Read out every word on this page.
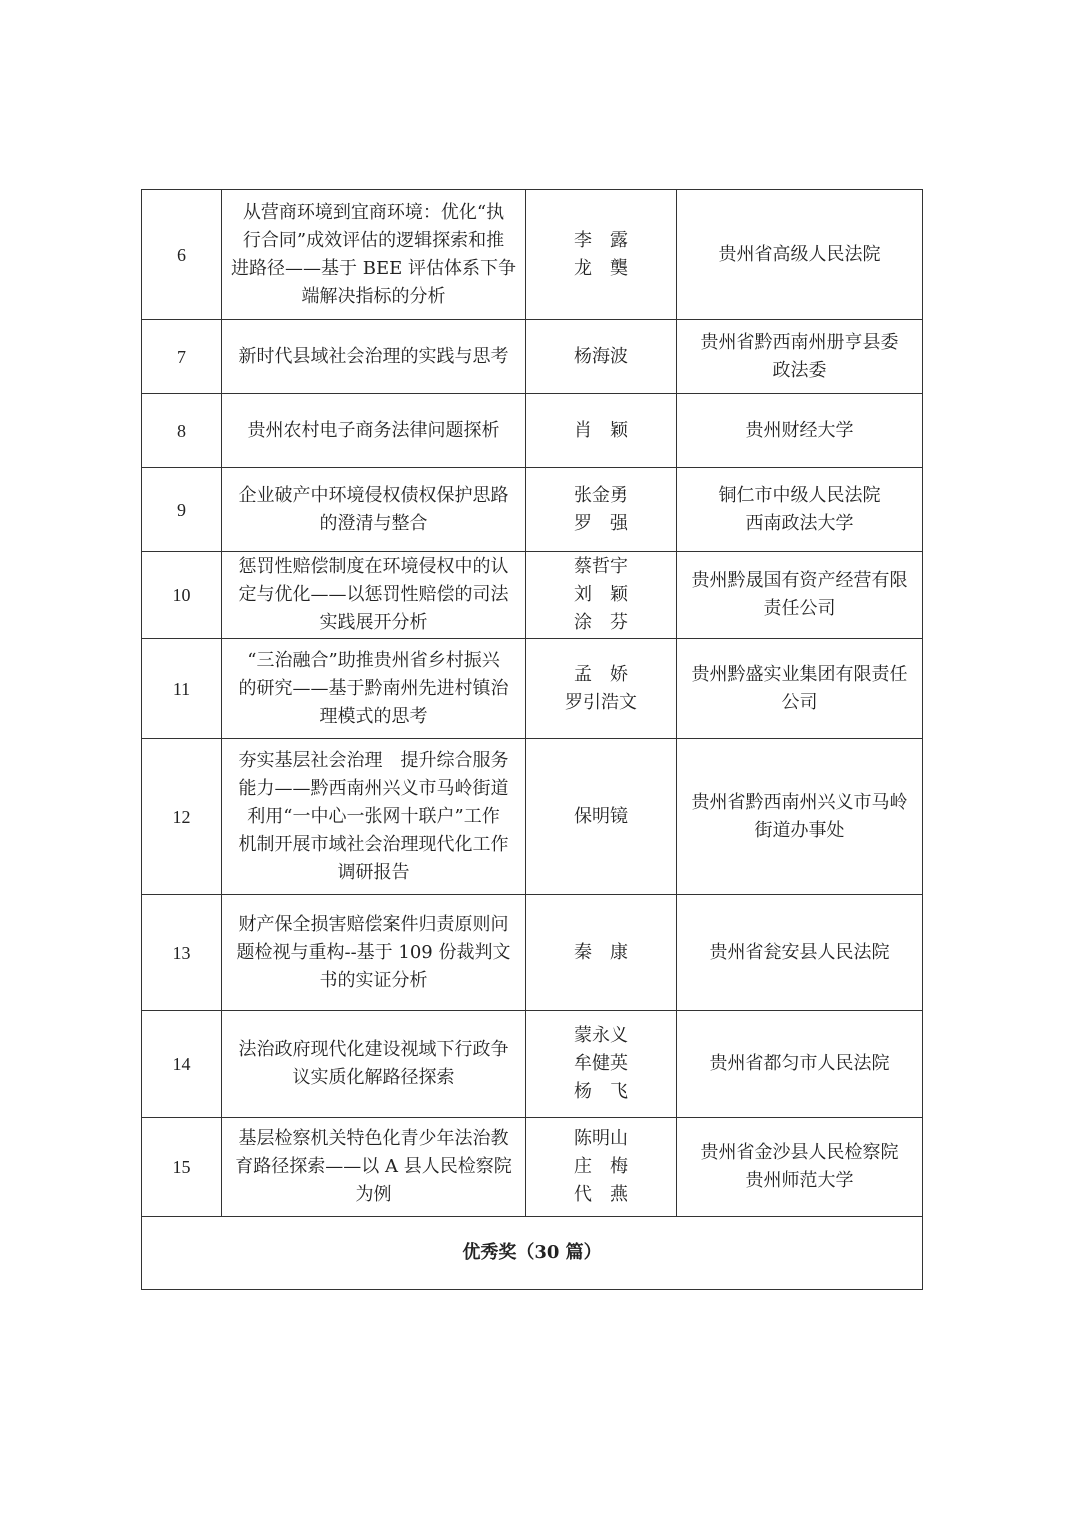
6	从营商环境到宜商环境：优化“执
行合同”成效评估的逻辑探索和推
进路径——基于 BEE 评估体系下争
端解决指标的分析	李　露
龙　龑	贵州省高级人民法院

7	新时代县域社会治理的实践与思考	杨海波	贵州省黔西南州册亨县委
政法委

8	贵州农村电子商务法律问题探析	肖　颖	贵州财经大学

9	企业破产中环境侵权债权保护思路
的澄清与整合	张金勇
罗　强	铜仁市中级人民法院
西南政法大学

10	惩罚性赔偿制度在环境侵权中的认
定与优化——以惩罚性赔偿的司法
实践展开分析	蔡哲宇
刘　颖
涂　芬	贵州黔晟国有资产经营有限
责任公司

11	“三治融合”助推贵州省乡村振兴
的研究——基于黔南州先进村镇治
理模式的思考	孟　娇
罗引浩文	贵州黔盛实业集团有限责任
公司

12	夯实基层社会治理　提升综合服务
能力——黔西南州兴义市马岭街道
利用“一中心一张网十联户”工作
机制开展市域社会治理现代化工作
调研报告	保明镜	贵州省黔西南州兴义市马岭
街道办事处

13	财产保全损害赔偿案件归责原则问
题检视与重构--基于 109 份裁判文
书的实证分析	秦　康	贵州省瓮安县人民法院

14	法治政府现代化建设视域下行政争
议实质化解路径探索	蒙永义
牟健英
杨　飞	贵州省都匀市人民法院

15	基层检察机关特色化青少年法治教
育路径探索——以 A 县人民检察院
为例	陈明山
庄　梅
代　燕	贵州省金沙县人民检察院
贵州师范大学

优秀奖（30 篇）			
